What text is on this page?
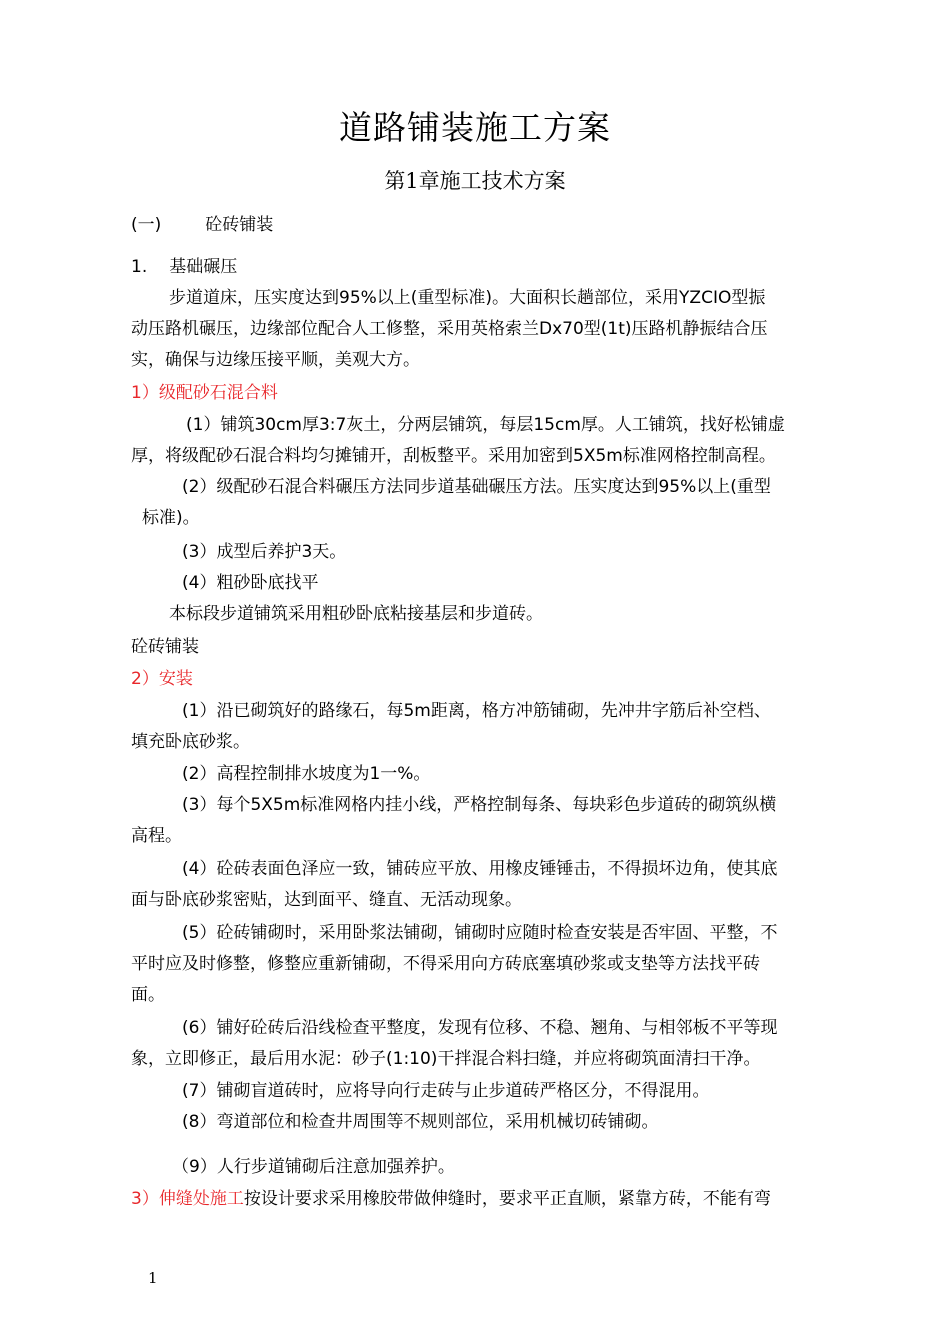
道路铺装施工方案
第1章施工技术方案
(一)	砼砖铺装
1. 基础碾压
步道道床，压实度达到95%以上(重型标准)。大面积长趟部位，采用YZCIO型振
动压路机碾压，边缘部位配合人工修整，采用英格索兰Dx70型(1t)压路机静振结合压
实，确保与边缘压接平顺，美观大方。
1）级配砂石混合料
(1）铺筑30cm厚3:7灰土，分两层铺筑，每层15cm厚。人工铺筑，找好松铺虚
厚，将级配砂石混合料均匀摊铺开，刮板整平。采用加密到5X5m标准网格控制高程。
(2）级配砂石混合料碾压方法同步道基础碾压方法。压实度达到95%以上(重型
标准)。
(3）成型后养护3天。
(4）粗砂卧底找平
本标段步道铺筑采用粗砂卧底粘接基层和步道砖。
砼砖铺装
2）安装
(1）沿已砌筑好的路缘石，每5m距离，格方冲筋铺砌，先冲井字筋后补空档、
填充卧底砂浆。
(2）高程控制排水坡度为1一%。
(3）每个5X5m标准网格内挂小线，严格控制每条、每块彩色步道砖的砌筑纵横
高程。
(4）砼砖表面色泽应一致，铺砖应平放、用橡皮锤锤击，不得损坏边角，使其底
面与卧底砂浆密贴，达到面平、缝直、无活动现象。
(5）砼砖铺砌时，采用卧浆法铺砌，铺砌时应随时检查安装是否牢固、平整，不
平时应及时修整，修整应重新铺砌，不得采用向方砖底塞填砂浆或支垫等方法找平砖
面。
(6）铺好砼砖后沿线检查平整度，发现有位移、不稳、翘角、与相邻板不平等现
象，立即修正，最后用水泥：砂子(1:10)干拌混合料扫缝，并应将砌筑面清扫干净。
(7）铺砌盲道砖时，应将导向行走砖与止步道砖严格区分，不得混用。
(8）弯道部位和检查井周围等不规则部位，采用机械切砖铺砌。
（9）人行步道铺砌后注意加强养护。
3）伸缝处施工按设计要求采用橡胶带做伸缝时，要求平正直顺，紧靠方砖，不能有弯
1
